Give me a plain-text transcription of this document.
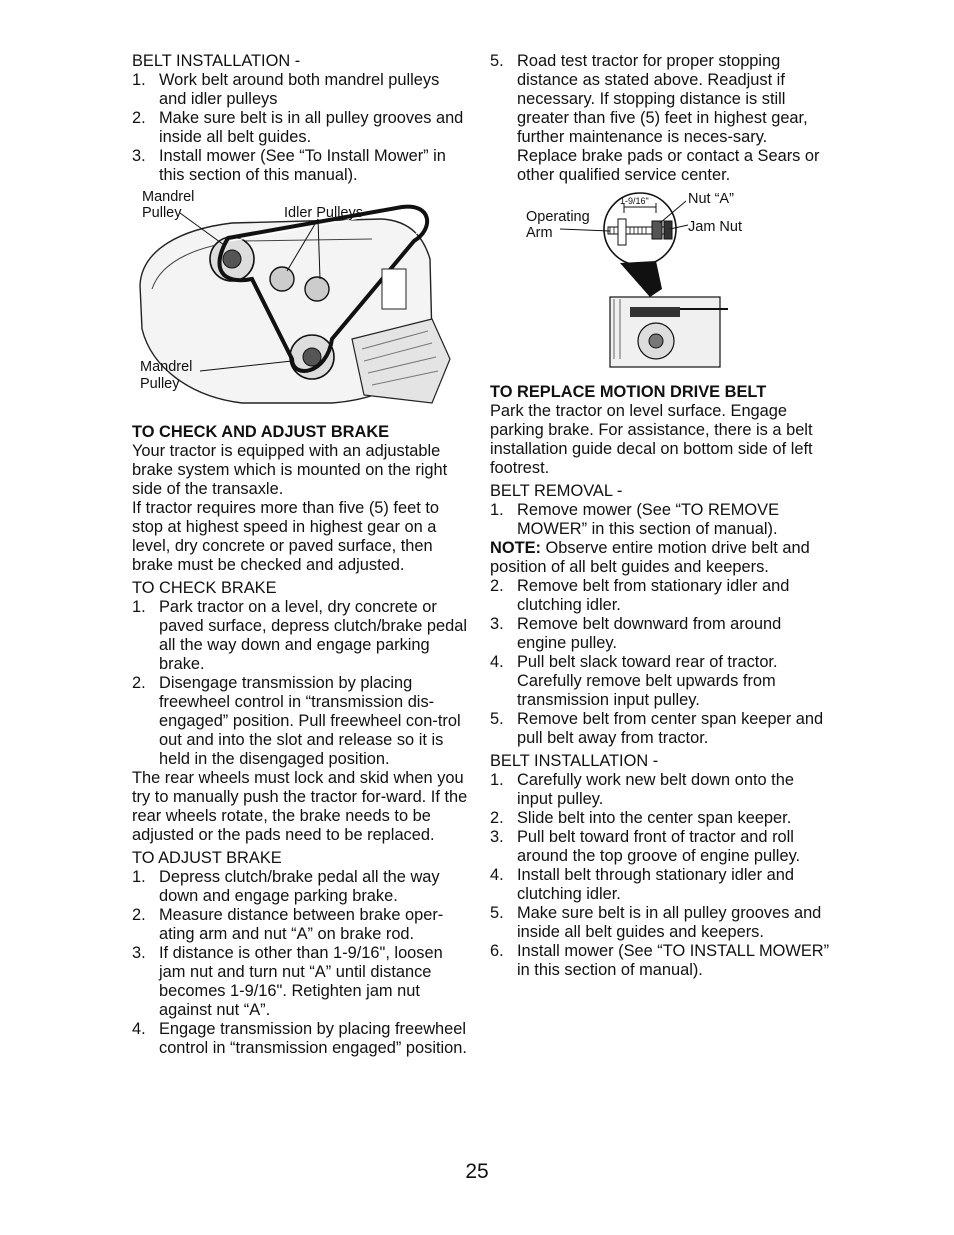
BELT INSTALLATION -

1. Work belt around both mandrel pulleys and idler pulleys
2. Make sure belt is in all pulley grooves and inside all belt guides.
3. Install mower (See “To Install Mower” in this section of this manual).
Mandrel
Pulley	Idler Pulleys
Mandrel
Pulley

TO CHECK AND ADJUST BRAKE

Your tractor is equipped with an adjustable brake system which is mounted on the right side of the transaxle.

If tractor requires more than five (5) feet to stop at highest speed in highest gear on a level, dry concrete or paved surface, then brake must be checked and adjusted.

TO CHECK BRAKE

1. Park tractor on a level, dry concrete or paved surface, depress clutch/brake pedal all the way down and engage parking brake.
2. Disengage transmission by placing freewheel control in “transmission dis-engaged” position. Pull freewheel con-trol out and into the slot and release so it is held in the disengaged position.

The rear wheels must lock and skid when you try to manually push the tractor for-ward. If the rear wheels rotate, the brake needs to be adjusted or the pads need to be replaced.

TO ADJUST BRAKE

1. Depress clutch/brake pedal all the way down and engage parking brake.
2. Measure distance between brake oper-ating arm and nut “A” on brake rod.
3. If distance is other than 1-9/16", loosen jam nut and turn nut “A” until distance becomes 1-9/16". Retighten jam nut against nut “A”.
4. Engage transmission by placing freewheel control in “transmission engaged” position.
5. Road test tractor for proper stopping distance as stated above. Readjust if necessary. If stopping distance is still greater than five (5) feet in highest gear, further maintenance is neces-sary. Replace brake pads or contact a Sears or other qualified service center.
Operating
Arm
1-9/16"	Nut “A”
Jam Nut

TO REPLACE MOTION DRIVE BELT

Park the tractor on level surface. Engage parking brake. For assistance, there is a belt installation guide decal on bottom side of left footrest.

BELT REMOVAL -

1. Remove mower (See “TO REMOVE MOWER” in this section of manual).

NOTE: Observe entire motion drive belt and position of all belt guides and keepers.

2. Remove belt from stationary idler and clutching idler.
3. Remove belt downward from around engine pulley.
4. Pull belt slack toward rear of tractor. Carefully remove belt upwards from transmission input pulley.
5. Remove belt from center span keeper and pull belt away from tractor.

BELT INSTALLATION -

1. Carefully work new belt down onto the input pulley.
2. Slide belt into the center span keeper.
3. Pull belt toward front of tractor and roll around the top groove of engine pulley.
4. Install belt through stationary idler and clutching idler.
5. Make sure belt is in all pulley grooves and inside all belt guides and keepers.
6. Install mower (See “TO INSTALL MOWER” in this section of manual).
25
